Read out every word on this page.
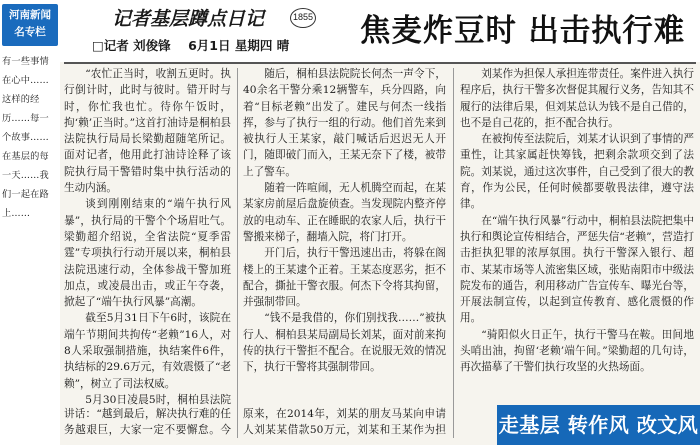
河南新闻
名专栏
有一些事情在心中……这样的经历……每一个故事……在基层的每一天……我们一起在路上……
记者基层蹲点日记	1855
□记者 刘俊锋 6月1日 星期四 晴 焦麦炸豆时 出击执行难

“农忙正当时，收割五更时。执行倒计时，此时与彼时。错开时与时，你忙我也忙。待你午饭时，拘‘赖’正当时。”这首打油诗是桐柏县法院执行局局长梁勤超随笔所记。面对记者，他用此打油诗诠释了该院执行局干警错时集中执行活动的生动内涵。

谈到刚刚结束的“端午执行风暴”，执行局的干警个个场眉吐气。梁勤超介绍说，全省法院“夏季雷霆”专项执行行动开展以来，桐柏县法院迅速行动，全体参战干警加班加点，或凌晨出击，或正午夺袭，掀起了“端午执行风暴”高潮。

截至5月31日下午6时，该院在端午节期间共拘传“老赖”16人，对8人采取强制措施，执结案件6件，执结标的29.6万元，有效震慑了“老赖”，树立了司法权威。

5月30日凌晨5时，桐柏县法院

讲话：“越到最后，解决执行难的任务越艰巨，大家一定不要懈怠。今

随后，桐柏县法院院长何杰一声令下，40余名干警分乘12辆警车，兵分四路，向着“目标老赖”出发了。建民与何杰一线指挥，参与了执行一组的行动。他们首先来到被执行人王某家，敲门喊话后迟迟无人开门，随即破门而入，王某无奈下了楼，被带上了警车。

随着一阵喧闹，无人机腾空而起，在某某家房前屋后盘旋侦查。当发现院内整齐停放的电动车、正在睡眠的农家人后，执行干警搬来梯子，翻墙入院，将门打开。

开门后，执行干警迅速出击，将躲在阁楼上的王某逮个正着。王某态度恶劣，拒不配合，撕扯干警衣服。何杰下令将其拘留，并强制带回。

“钱不是我借的，你们别找我……”被执行人、桐柏县某局副局长刘某，面对前来拘传的执行干警拒不配合。在说服无效的情况下，执行干警将其强制带回。

原来，在2014年，刘某的朋友马某向申请人刘某某借款50万元，刘某和王某作为担

刘某作为担保人承担连带责任。案件进入执行程序后，执行干警多次督促其履行义务，告知其不履行的法律后果，但刘某总认为钱不是自己借的，也不是自己花的，拒不配合执行。

在被拘传至法院后，刘某才认识到了事情的严重性，让其家属赶快筹钱，把剩余款项交到了法院。刘某说，通过这次事件，自己受到了很大的教育，作为公民，任何时候都要敬畏法律，遵守法律。

在“端午执行风暴”行动中，桐柏县法院把集中执行和舆论宣传相结合，严惩失信“老赖”，营造打击拒执犯罪的浓厚氛围。执行干警深入银行、超市、某某市场等人流密集区域，张贴南阳市中级法院发布的通告，利用移动广告宣传车、曝光台等，开展法制宣传，以起到宣传教育、感化震慑的作用。

“骑阳似火日正午，执行干警马在鞍。田间地头哨出油，拘留‘老赖’端午间。”梁勤超的几句诗，再次描摹了干警们执行攻坚的火热场面。

走基层 转作风 改文风
